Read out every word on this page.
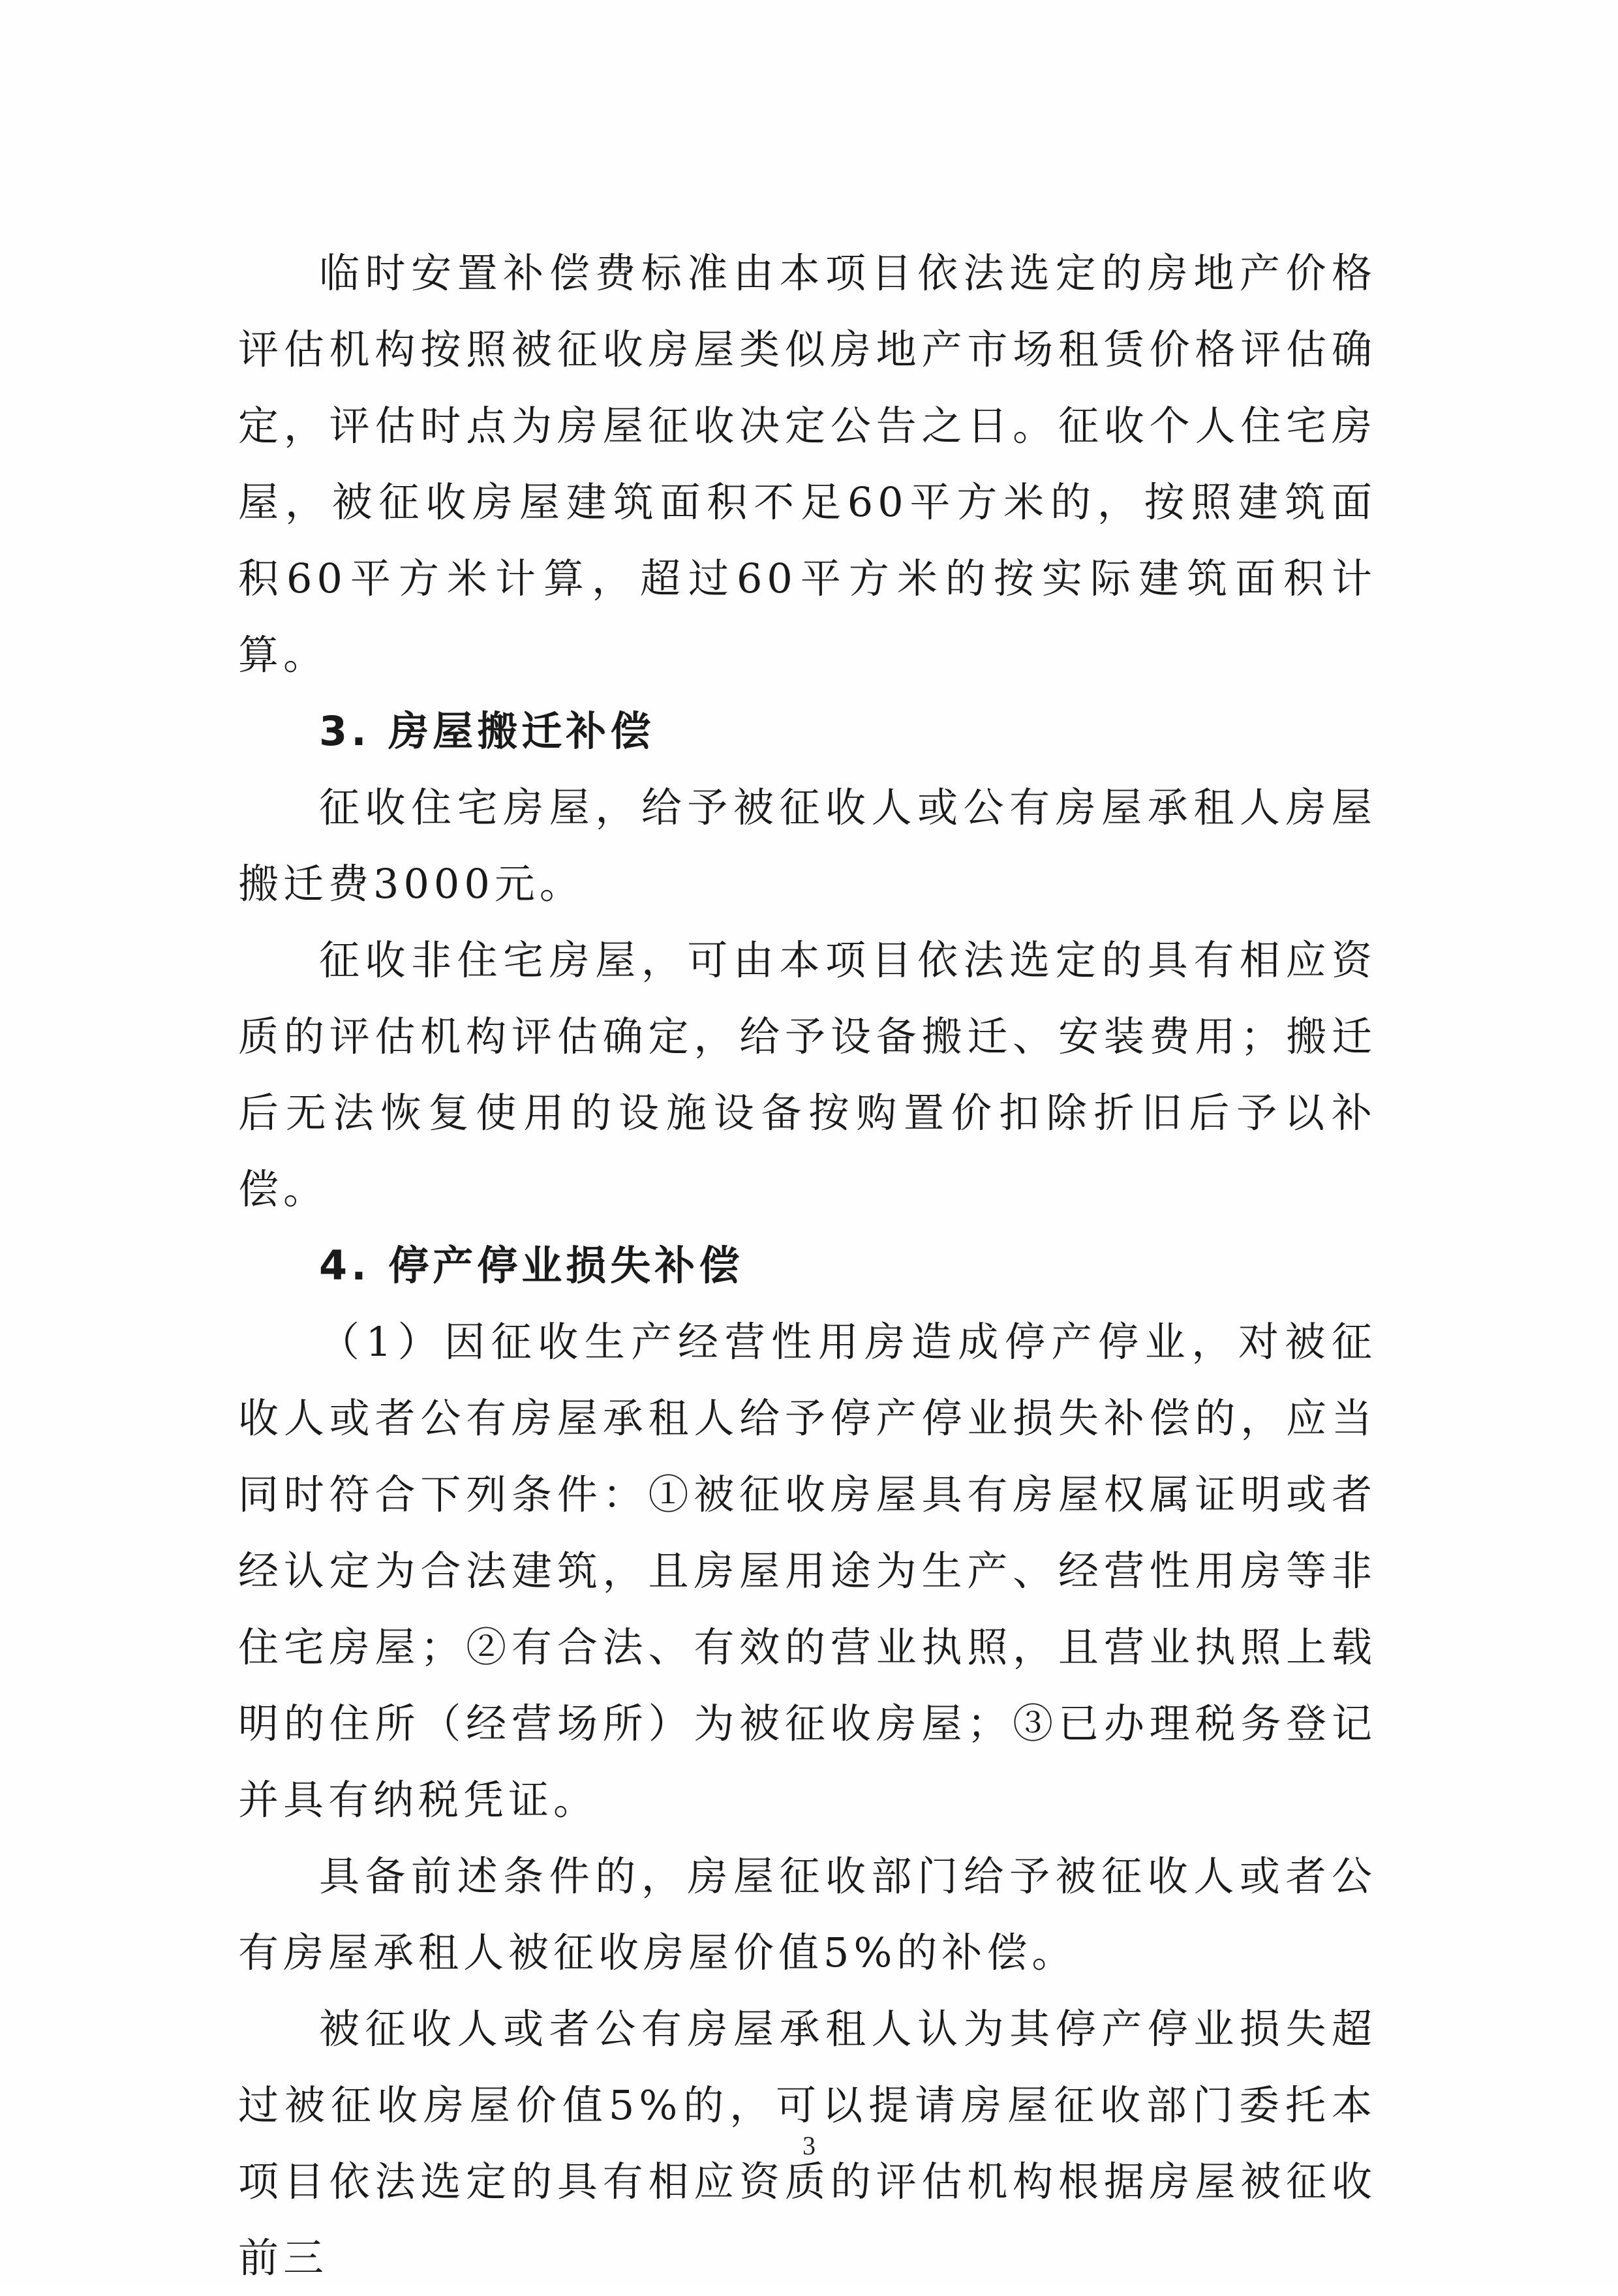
临时安置补偿费标准由本项目依法选定的房地产价格评估机构按照被征收房屋类似房地产市场租赁价格评估确定，评估时点为房屋征收决定公告之日。征收个人住宅房屋，被征收房屋建筑面积不足60平方米的，按照建筑面积60平方米计算，超过60平方米的按实际建筑面积计算。

3. 房屋搬迁补偿

征收住宅房屋，给予被征收人或公有房屋承租人房屋搬迁费3000元。

征收非住宅房屋，可由本项目依法选定的具有相应资质的评估机构评估确定，给予设备搬迁、安装费用；搬迁后无法恢复使用的设施设备按购置价扣除折旧后予以补偿。

4. 停产停业损失补偿

（1）因征收生产经营性用房造成停产停业，对被征收人或者公有房屋承租人给予停产停业损失补偿的，应当同时符合下列条件：①被征收房屋具有房屋权属证明或者经认定为合法建筑，且房屋用途为生产、经营性用房等非住宅房屋；②有合法、有效的营业执照，且营业执照上载明的住所（经营场所）为被征收房屋；③已办理税务登记并具有纳税凭证。

具备前述条件的，房屋征收部门给予被征收人或者公有房屋承租人被征收房屋价值5%的补偿。

被征收人或者公有房屋承租人认为其停产停业损失超过被征收房屋价值5%的，可以提请房屋征收部门委托本项目依法选定的具有相应资质的评估机构根据房屋被征收前三

3
